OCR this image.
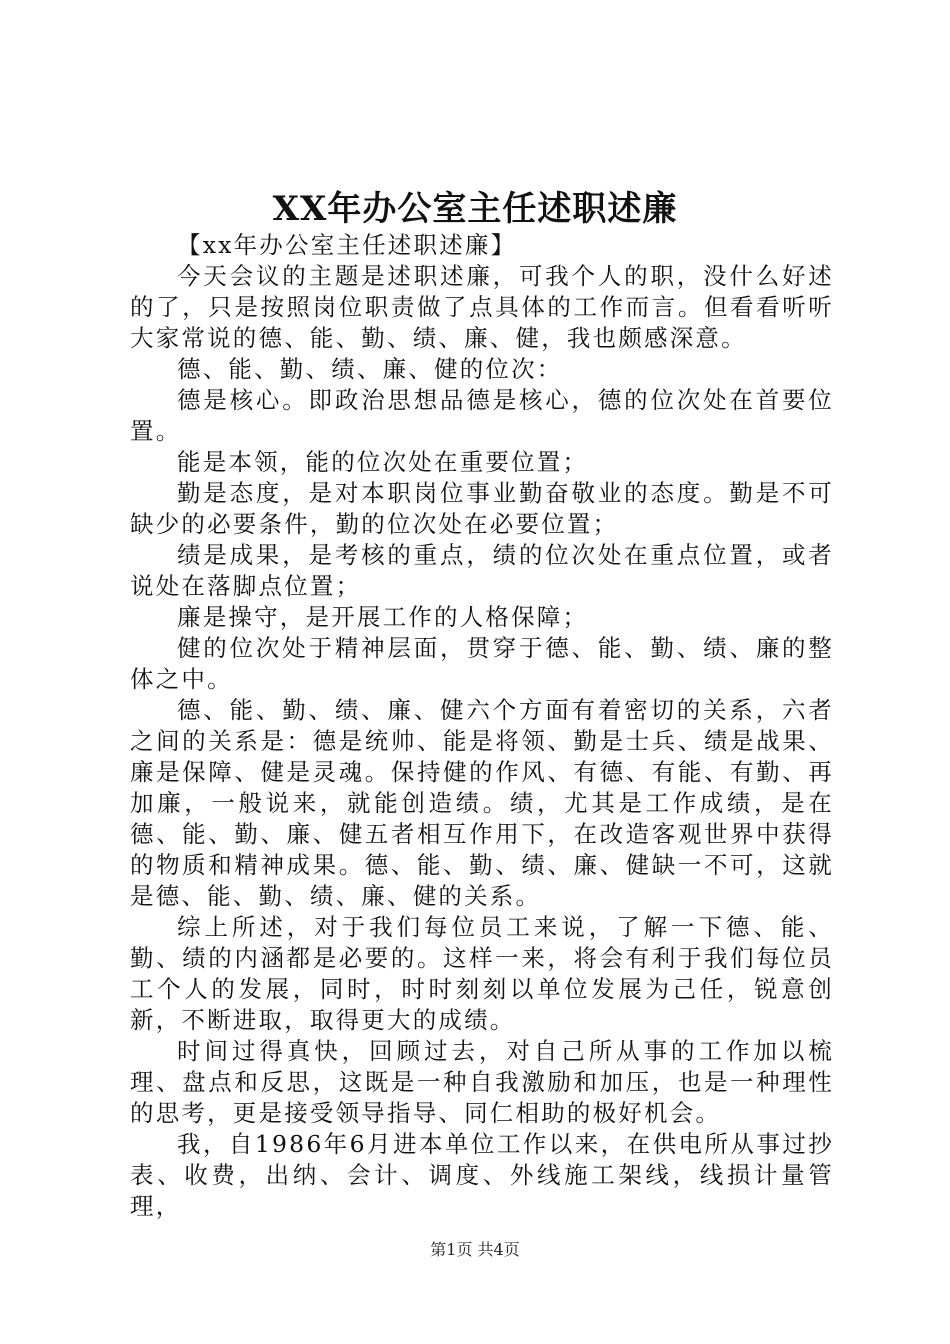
XX年办公室主任述职述廉

【xx年办公室主任述职述廉】

今天会议的主题是述职述廉，可我个人的职，没什么好述的了，只是按照岗位职责做了点具体的工作而言。但看看听听大家常说的德、能、勤、绩、廉、健，我也颇感深意。

德、能、勤、绩、廉、健的位次：

德是核心。即政治思想品德是核心，德的位次处在首要位置。

能是本领，能的位次处在重要位置；

勤是态度，是对本职岗位事业勤奋敬业的态度。勤是不可缺少的必要条件，勤的位次处在必要位置；

绩是成果，是考核的重点，绩的位次处在重点位置，或者说处在落脚点位置；

廉是操守，是开展工作的人格保障；

健的位次处于精神层面，贯穿于德、能、勤、绩、廉的整体之中。

德、能、勤、绩、廉、健六个方面有着密切的关系，六者之间的关系是：德是统帅、能是将领、勤是士兵、绩是战果、廉是保障、健是灵魂。保持健的作风、有德、有能、有勤、再加廉，一般说来，就能创造绩。绩，尤其是工作成绩，是在德、能、勤、廉、健五者相互作用下，在改造客观世界中获得的物质和精神成果。德、能、勤、绩、廉、健缺一不可，这就是德、能、勤、绩、廉、健的关系。

综上所述，对于我们每位员工来说，了解一下德、能、勤、绩的内涵都是必要的。这样一来，将会有利于我们每位员工个人的发展，同时，时时刻刻以单位发展为己任，锐意创新，不断进取，取得更大的成绩。

时间过得真快，回顾过去，对自己所从事的工作加以梳理、盘点和反思，这既是一种自我激励和加压，也是一种理性的思考，更是接受领导指导、同仁相助的极好机会。

我，自1986年6月进本单位工作以来，在供电所从事过抄表、收费，出纳、会计、调度、外线施工架线，线损计量管理，

第1页 共4页
